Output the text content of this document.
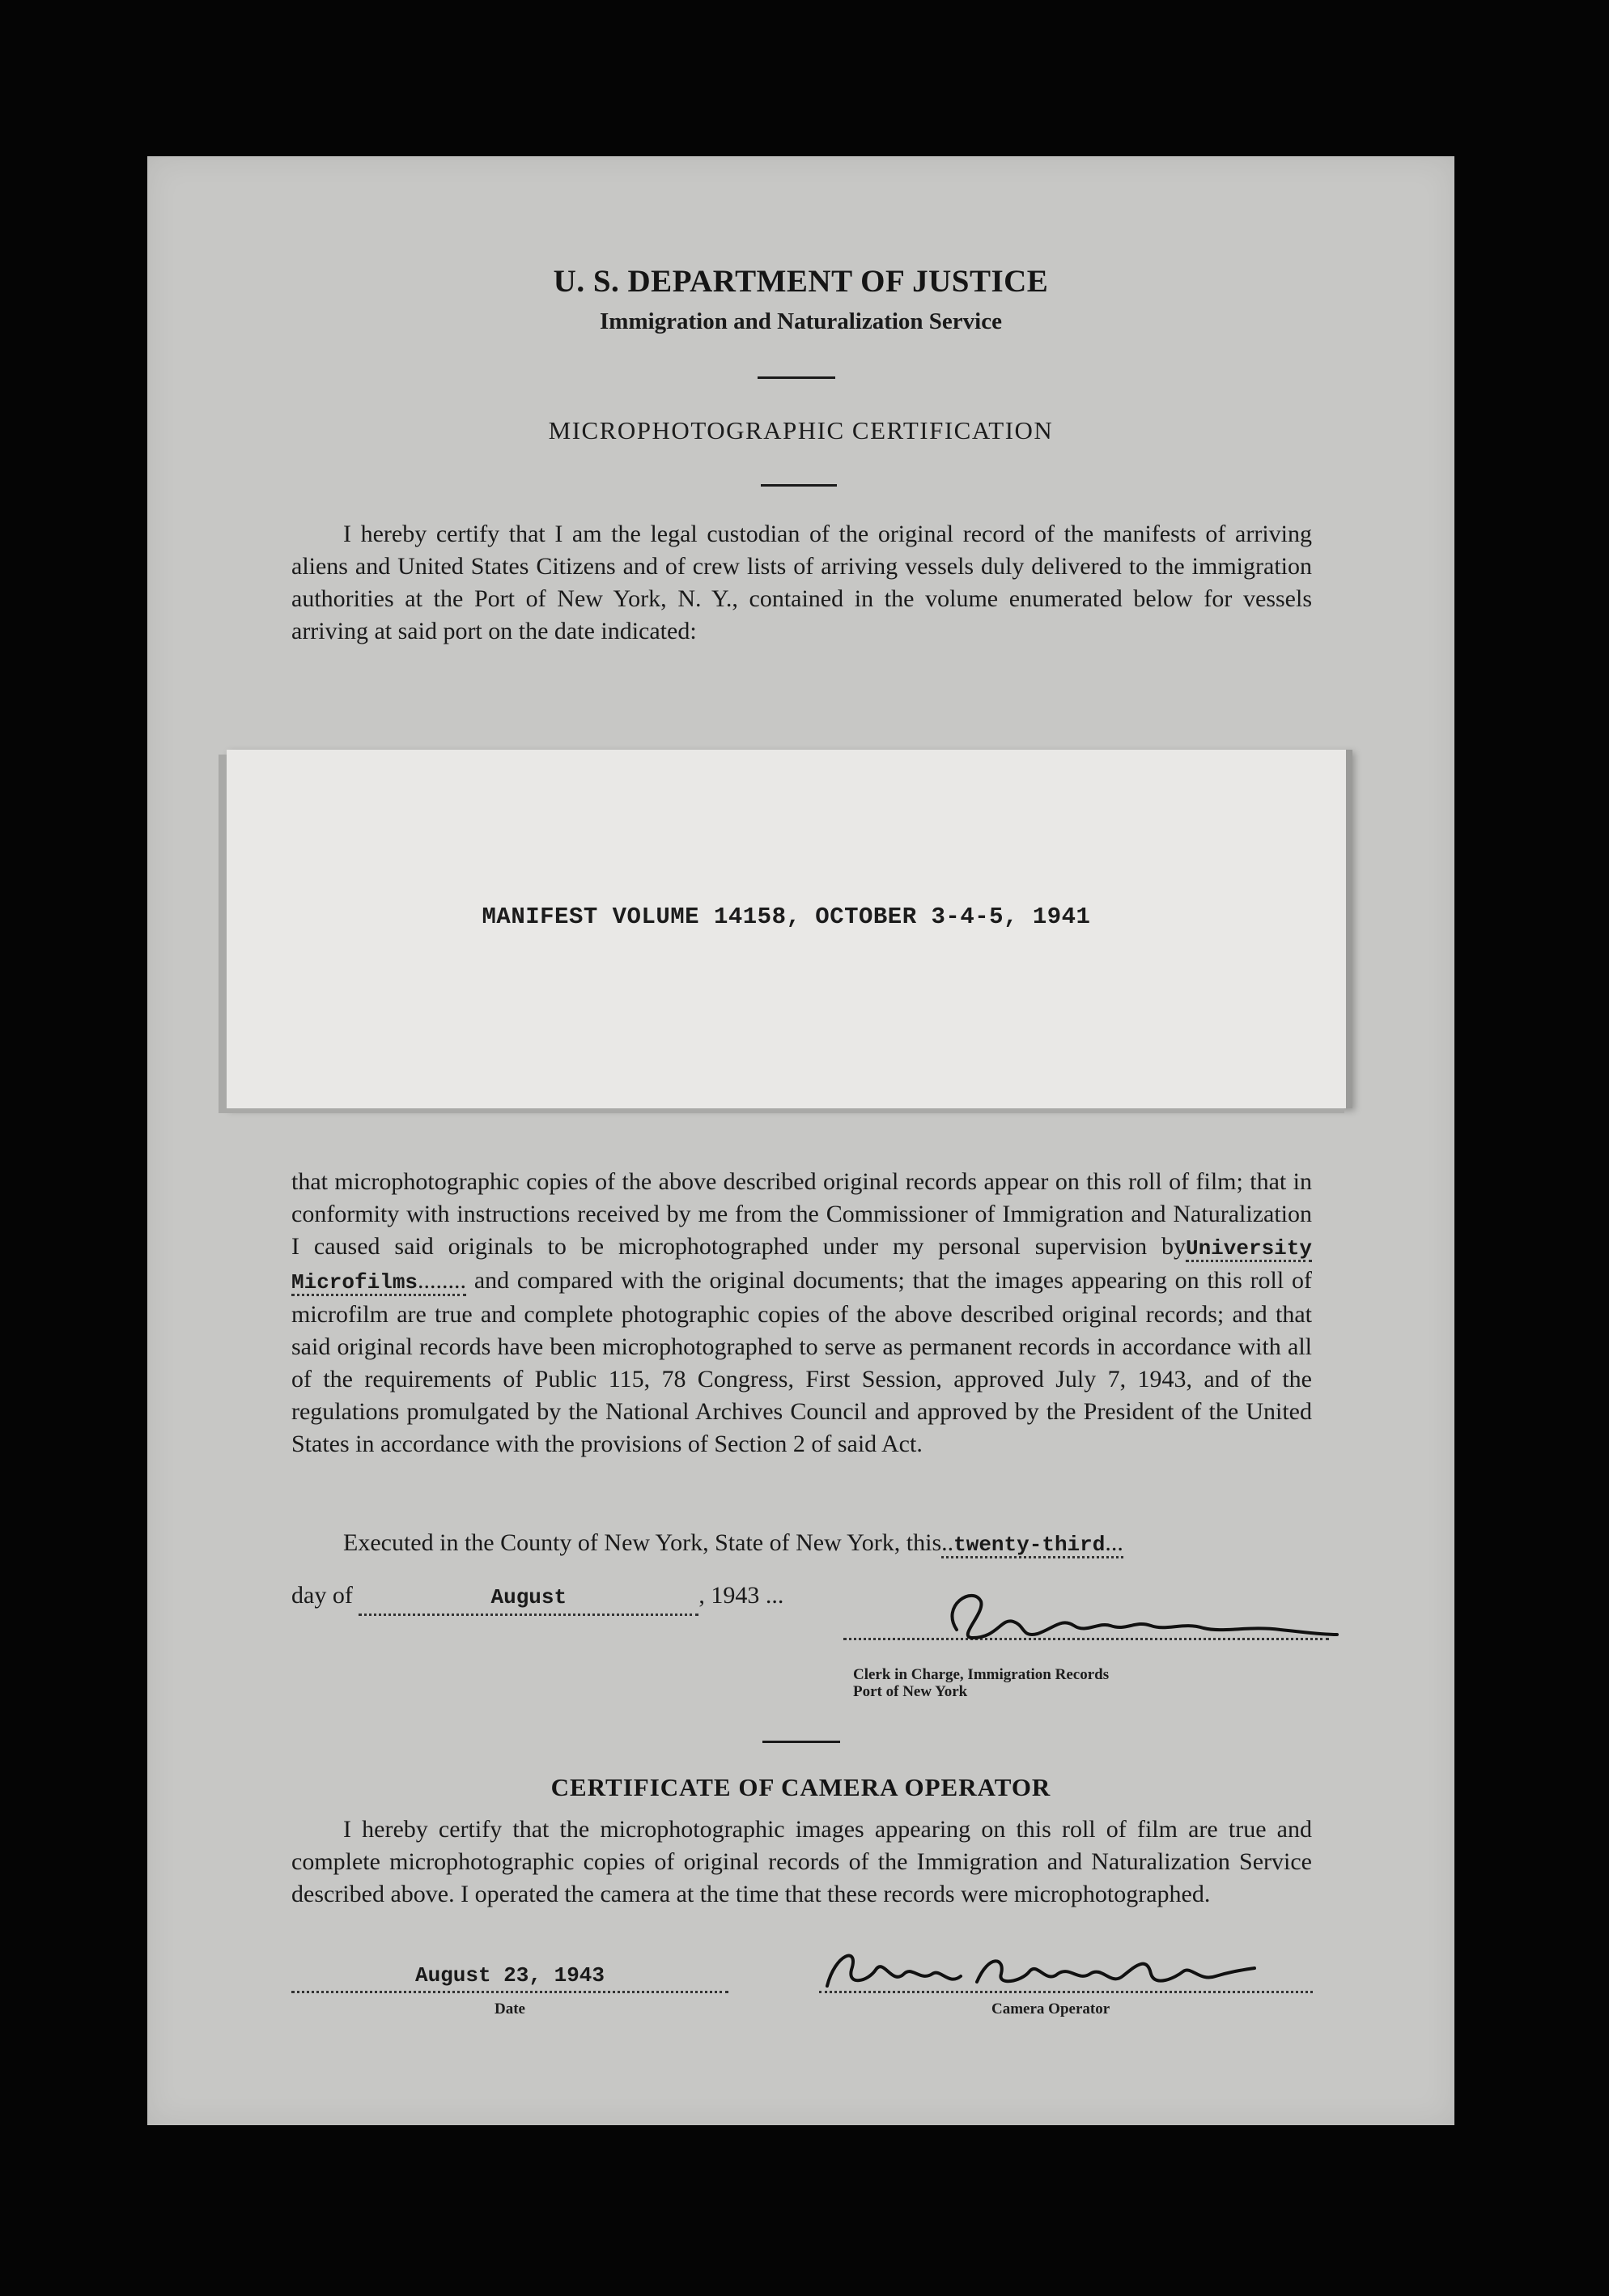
U. S. DEPARTMENT OF JUSTICE
Immigration and Naturalization Service
MICROPHOTOGRAPHIC CERTIFICATION
I hereby certify that I am the legal custodian of the original record of the manifests of arriving aliens and United States Citizens and of crew lists of arriving vessels duly delivered to the immigration authorities at the Port of New York, N. Y., contained in the volume enumerated below for vessels arriving at said port on the date indicated:
MANIFEST VOLUME 14158, OCTOBER 3-4-5, 1941
that microphotographic copies of the above described original records appear on this roll of film; that in conformity with instructions received by me from the Commissioner of Immigration and Naturalization I caused said originals to be microphotographed under my personal supervision byUniversity Microfilms........ and compared with the original documents; that the images appearing on this roll of microfilm are true and complete photographic copies of the above described original records; and that said original records have been microphotographed to serve as permanent records in accordance with all of the requirements of Public 115, 78 Congress, First Session, approved July 7, 1943, and of the regulations promulgated by the National Archives Council and approved by the President of the United States in accordance with the provisions of Section 2 of said Act.
Executed in the County of New York, State of New York, this..twenty-third...
day of	August	, 1943 ...
Clerk in Charge, Immigration Records
Port of New York
CERTIFICATE OF CAMERA OPERATOR
I hereby certify that the microphotographic images appearing on this roll of film are true and complete microphotographic copies of original records of the Immigration and Naturalization Service described above. I operated the camera at the time that these records were microphotographed.
August 23, 1943
Date	Camera Operator
